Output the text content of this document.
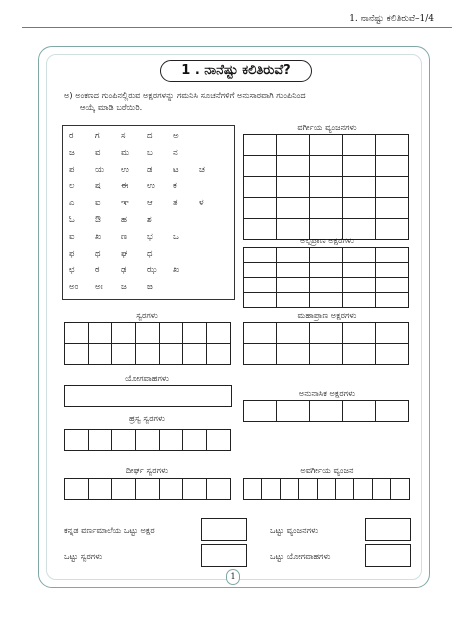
1. ನಾನೆಷ್ಟು ಕಲಿತಿರುವೆ–1/4
1 . ನಾನೆಷ್ಟು ಕಲಿತಿರುವೆ?
ಅ) ಅಂಕಣದ ಗುಂಪಿನಲ್ಲಿರುವ ಅಕ್ಷರಗಳನ್ನು ಗಮನಿಸಿ ಸೂಚನೆಗಳಿಗೆ ಅನುಸಾರವಾಗಿ ಗುಂಪಿನಿಂದ
ಆಯ್ಕೆ ಮಾಡಿ ಬರೆಯಿರಿ.
ರ	ಗ	ಸ	ದ	ಅ
ಜ	ವ	ಮ	ಬ	ನ
ಪ	ಯ	ಉ	ಡ	ಟ	ಚ
ಲ	ಷ	ಈ	ಉ	ಕ
ಎ	ಐ	ಞ	ಆ	ತ	ಳ
ಓ	ಔ	ಹ	ಶ
ಐ	ಖ	ಣ	ಭ	ಒ
ಫ	ಥ	ಘ	ಧ
ಛ	ಠ	ಢ	ಝ	ಖ
ಅಂ	ಅಃ	ಜ	ಙ
ವರ್ಗೀಯ ವ್ಯಂಜನಗಳು
ಅಲ್ಪಪ್ರಾಣ ಅಕ್ಷರಗಳು
ಸ್ವರಗಳು	ಮಹಾಪ್ರಾಣ ಅಕ್ಷರಗಳು
ಯೋಗವಾಹಗಳು
ಅನುನಾಸಿಕ ಅಕ್ಷರಗಳು
ಹ್ರಸ್ವ ಸ್ವರಗಳು
ದೀರ್ಘ ಸ್ವರಗಳು	ಅವರ್ಗೀಯ ವ್ಯಂಜನ
ಕನ್ನಡ ವರ್ಣಮಾಲೆಯ ಒಟ್ಟು ಅಕ್ಷರ	ಒಟ್ಟು ವ್ಯಂಜನಗಳು
ಒಟ್ಟು ಸ್ವರಗಳು	ಒಟ್ಟು ಯೋಗವಾಹಗಳು
1
